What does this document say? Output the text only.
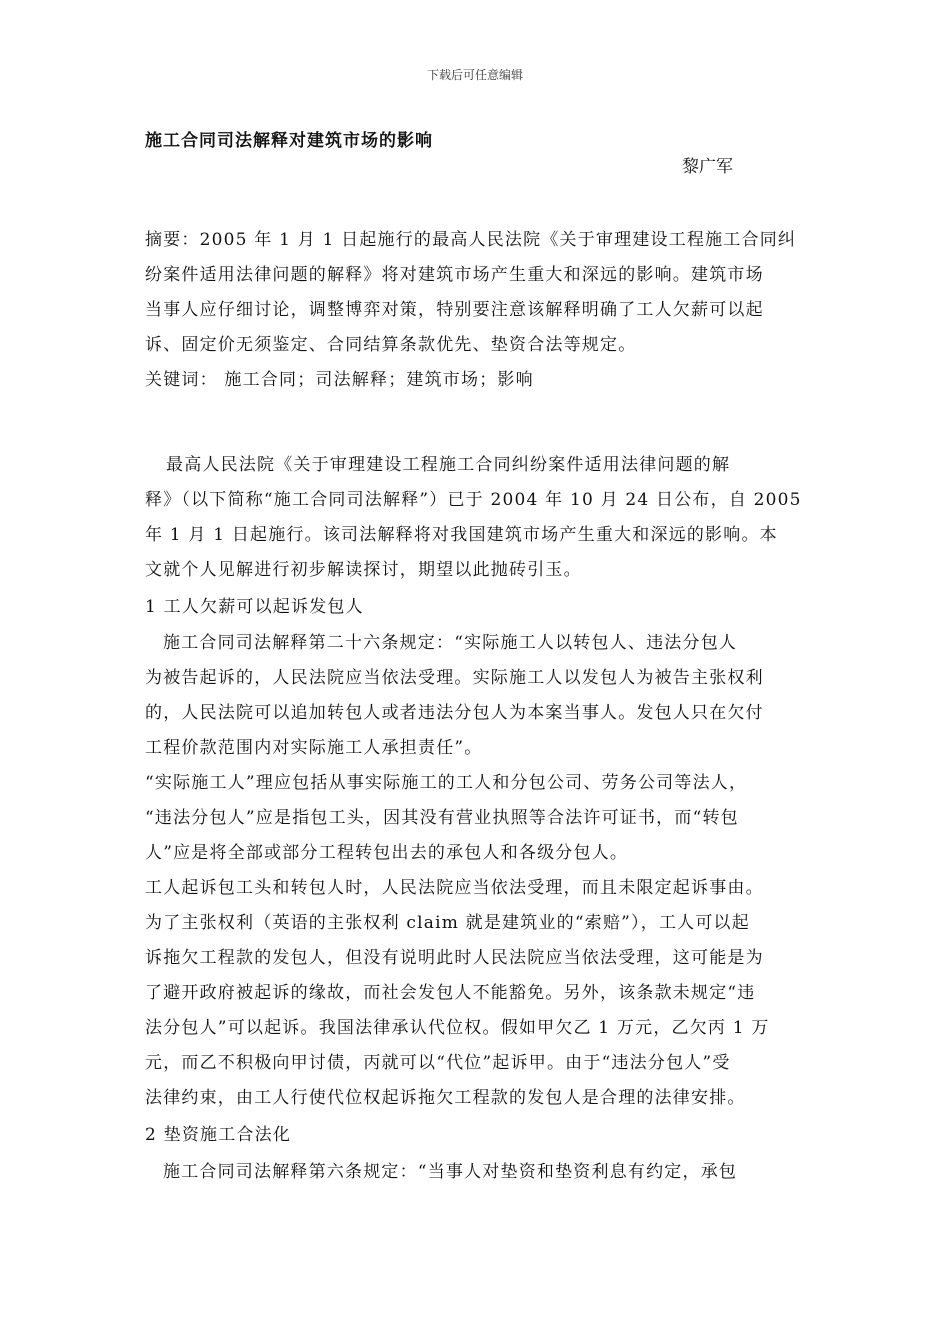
下载后可任意编辑
施工合同司法解释对建筑市场的影响
黎广军
摘要：2005 年 1 月 1 日起施行的最高人民法院《关于审理建设工程施工合同纠
纷案件适用法律问题的解释》将对建筑市场产生重大和深远的影响。建筑市场
当事人应仔细讨论，调整博弈对策，特别要注意该解释明确了工人欠薪可以起
诉、固定价无须鉴定、合同结算条款优先、垫资合法等规定。
关键词： 施工合同；司法解释；建筑市场；影响
最高人民法院《关于审理建设工程施工合同纠纷案件适用法律问题的解
释》（以下简称“施工合同司法解释”）已于 2004 年 10 月 24 日公布，自 2005
年 1 月 1 日起施行。该司法解释将对我国建筑市场产生重大和深远的影响。本
文就个人见解进行初步解读探讨，期望以此抛砖引玉。
1 工人欠薪可以起诉发包人
施工合同司法解释第二十六条规定：“实际施工人以转包人、违法分包人
为被告起诉的，人民法院应当依法受理。实际施工人以发包人为被告主张权利
的，人民法院可以追加转包人或者违法分包人为本案当事人。发包人只在欠付
工程价款范围内对实际施工人承担责任”。
“实际施工人”理应包括从事实际施工的工人和分包公司、劳务公司等法人，
“违法分包人”应是指包工头，因其没有营业执照等合法许可证书，而“转包
人”应是将全部或部分工程转包出去的承包人和各级分包人。
工人起诉包工头和转包人时，人民法院应当依法受理，而且未限定起诉事由。
为了主张权利（英语的主张权利 claim 就是建筑业的“索赔”），工人可以起
诉拖欠工程款的发包人，但没有说明此时人民法院应当依法受理，这可能是为
了避开政府被起诉的缘故，而社会发包人不能豁免。另外，该条款未规定“违
法分包人”可以起诉。我国法律承认代位权。假如甲欠乙 1 万元，乙欠丙 1 万
元，而乙不积极向甲讨债，丙就可以“代位”起诉甲。由于“违法分包人”受
法律约束，由工人行使代位权起诉拖欠工程款的发包人是合理的法律安排。
2 垫资施工合法化
施工合同司法解释第六条规定：“当事人对垫资和垫资利息有约定，承包
